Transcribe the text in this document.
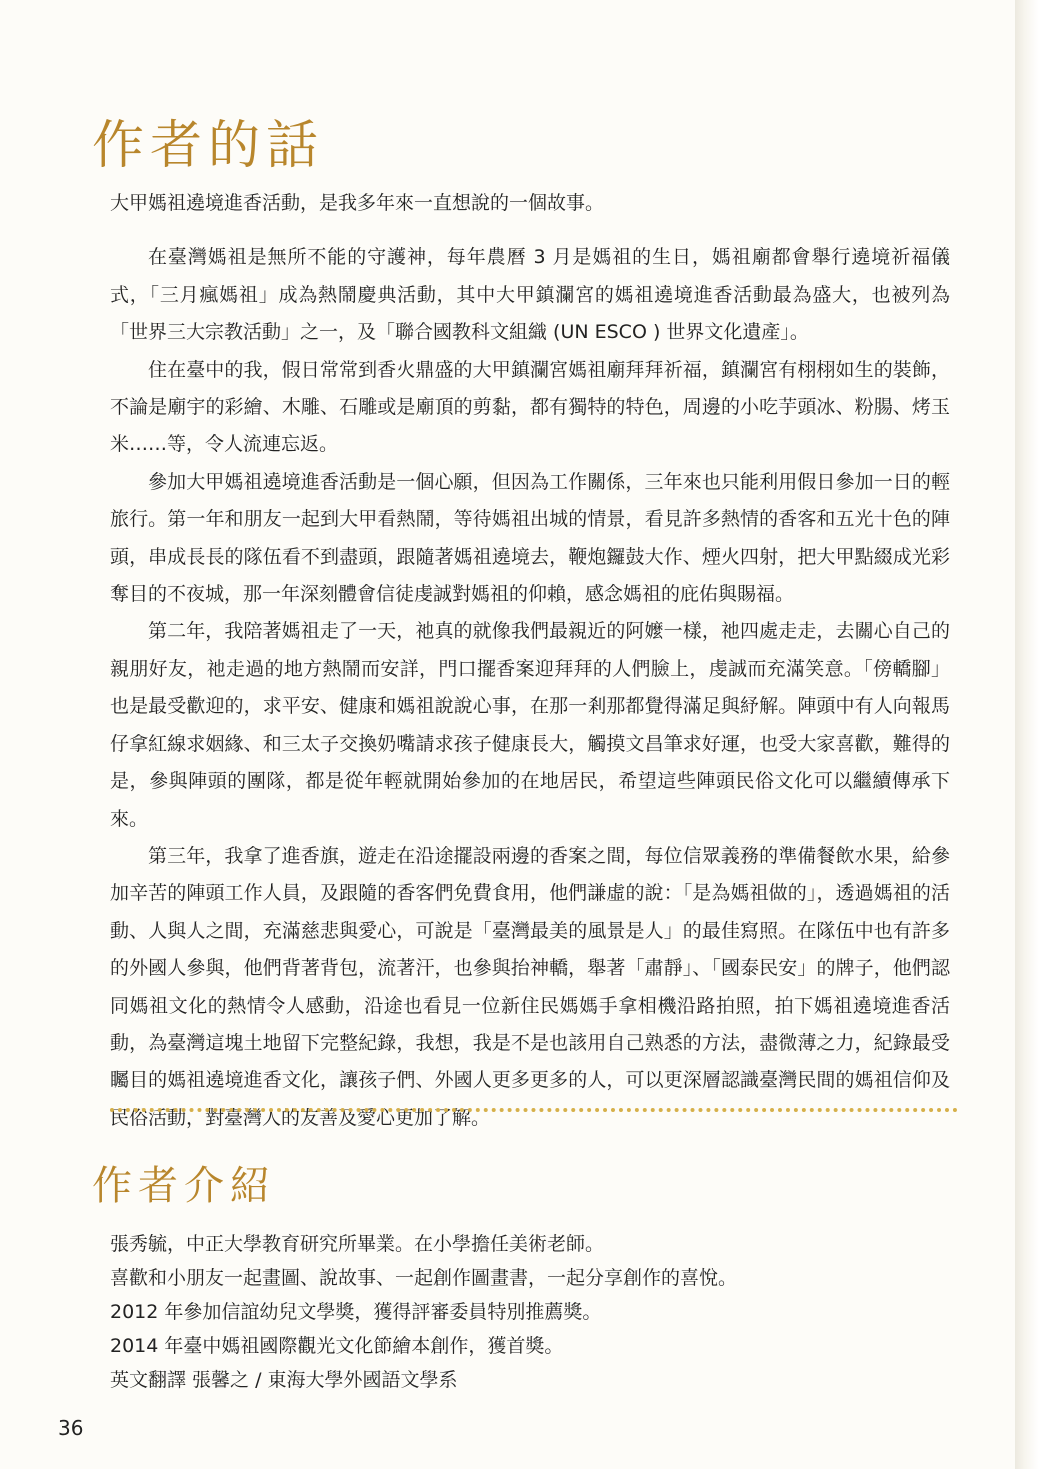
作者的話

大甲媽祖遶境進香活動，是我多年來一直想說的一個故事。

在臺灣媽祖是無所不能的守護神，每年農曆 3 月是媽祖的生日，媽祖廟都會舉行遶境祈福儀式，「三月瘋媽祖」成為熱鬧慶典活動，其中大甲鎮瀾宮的媽祖遶境進香活動最為盛大，也被列為「世界三大宗教活動」之一，及「聯合國教科文組織 (UN ESCO ) 世界文化遺產」。

住在臺中的我，假日常常到香火鼎盛的大甲鎮瀾宮媽祖廟拜拜祈福，鎮瀾宮有栩栩如生的裝飾，不論是廟宇的彩繪、木雕、石雕或是廟頂的剪黏，都有獨特的特色，周邊的小吃芋頭冰、粉腸、烤玉米……等，令人流連忘返。

參加大甲媽祖遶境進香活動是一個心願，但因為工作關係，三年來也只能利用假日參加一日的輕旅行。第一年和朋友一起到大甲看熱鬧，等待媽祖出城的情景，看見許多熱情的香客和五光十色的陣頭，串成長長的隊伍看不到盡頭，跟隨著媽祖遶境去，鞭炮鑼鼓大作、煙火四射，把大甲點綴成光彩奪目的不夜城，那一年深刻體會信徒虔誠對媽祖的仰賴，感念媽祖的庇佑與賜福。

第二年，我陪著媽祖走了一天，祂真的就像我們最親近的阿嬤一樣，祂四處走走，去關心自己的親朋好友，祂走過的地方熱鬧而安詳，門口擺香案迎拜拜的人們臉上，虔誠而充滿笑意。「傍轎腳」也是最受歡迎的，求平安、健康和媽祖說說心事，在那一剎那都覺得滿足與紓解。陣頭中有人向報馬仔拿紅線求姻緣、和三太子交換奶嘴請求孩子健康長大，觸摸文昌筆求好運，也受大家喜歡，難得的是，參與陣頭的團隊，都是從年輕就開始參加的在地居民，希望這些陣頭民俗文化可以繼續傳承下來。

第三年，我拿了進香旗，遊走在沿途擺設兩邊的香案之間，每位信眾義務的準備餐飲水果，給參加辛苦的陣頭工作人員，及跟隨的香客們免費食用，他們謙虛的說：「是為媽祖做的」，透過媽祖的活動、人與人之間，充滿慈悲與愛心，可說是「臺灣最美的風景是人」的最佳寫照。在隊伍中也有許多的外國人參與，他們背著背包，流著汗，也參與抬神轎，舉著「肅靜」、「國泰民安」的牌子，他們認同媽祖文化的熱情令人感動，沿途也看見一位新住民媽媽手拿相機沿路拍照，拍下媽祖遶境進香活動，為臺灣這塊土地留下完整紀錄，我想，我是不是也該用自己熟悉的方法，盡微薄之力，紀錄最受矚目的媽祖遶境進香文化，讓孩子們、外國人更多更多的人，可以更深層認識臺灣民間的媽祖信仰及民俗活動，對臺灣人的友善及愛心更加了解。

作者介紹

張秀毓，中正大學教育研究所畢業。在小學擔任美術老師。

喜歡和小朋友一起畫圖、說故事、一起創作圖畫書，一起分享創作的喜悅。

2012 年參加信誼幼兒文學獎，獲得評審委員特別推薦獎。

2014 年臺中媽祖國際觀光文化節繪本創作，獲首獎。

英文翻譯 張馨之 / 東海大學外國語文學系

36
